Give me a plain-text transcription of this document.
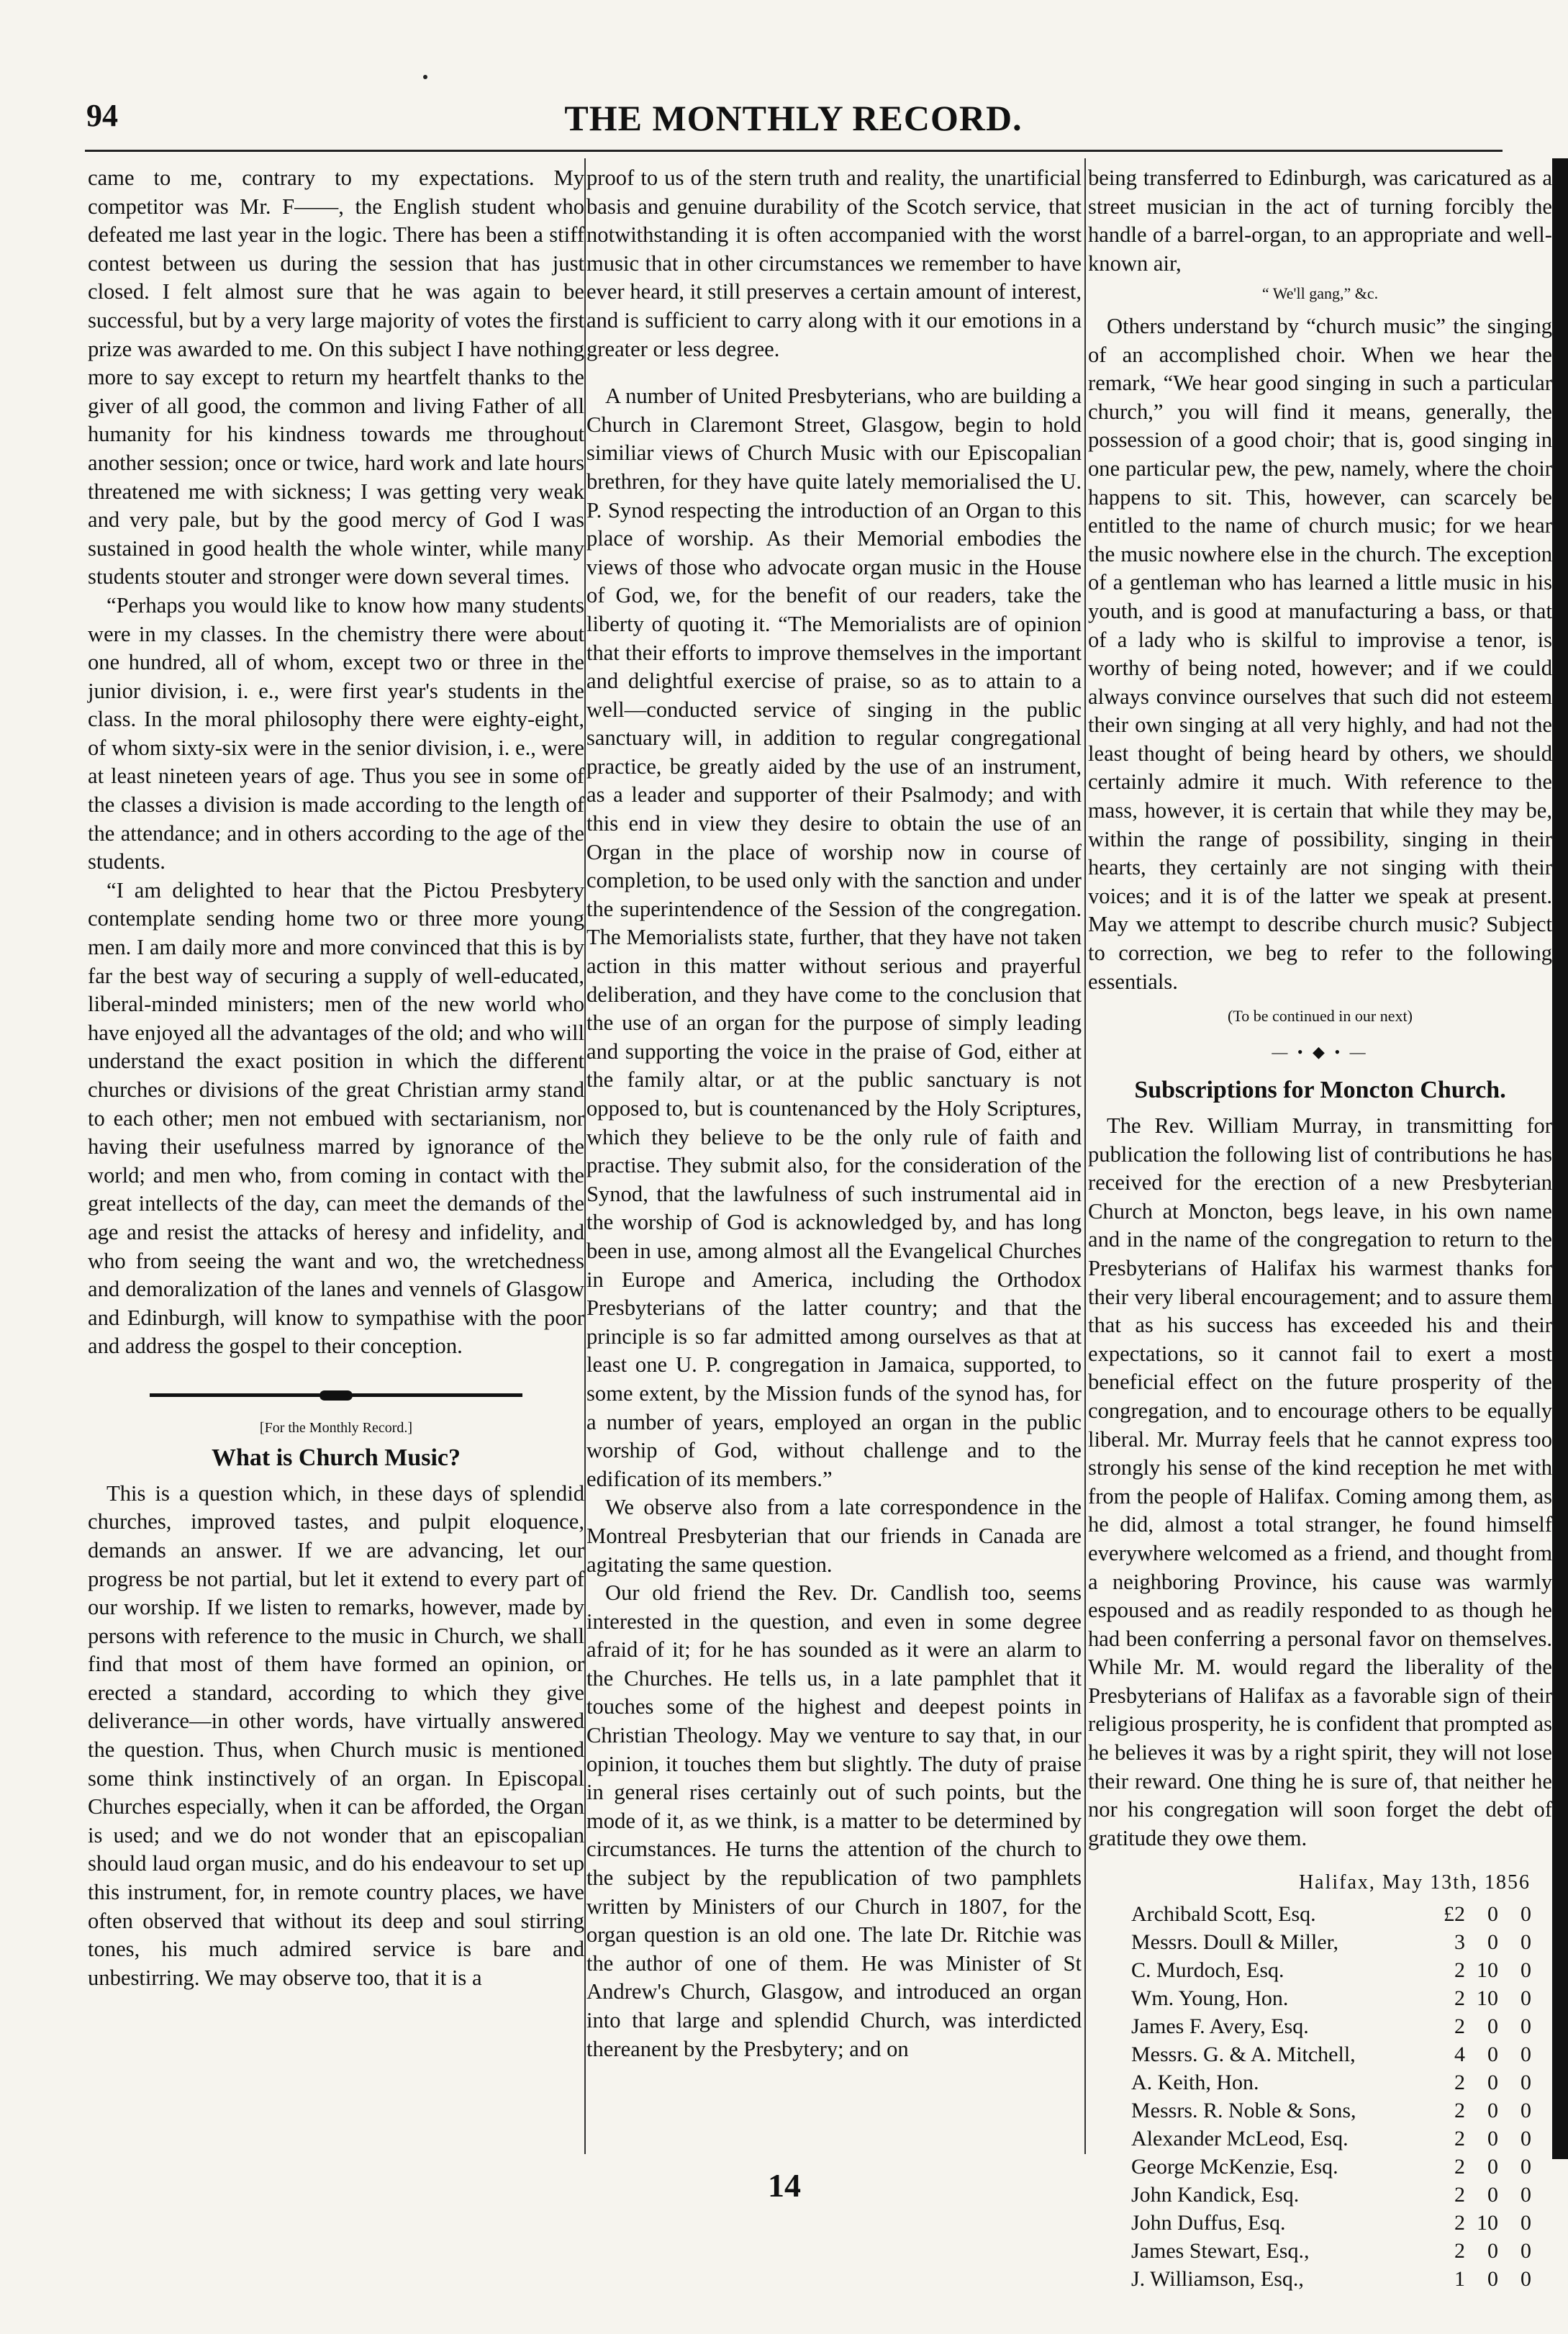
THE MONTHLY RECORD.
94

came to me, contrary to my expectations. My competitor was Mr. F——, the English student who defeated me last year in the logic. There has been a stiff contest between us during the session that has just closed. I felt almost sure that he was again to be successful, but by a very large majority of votes the first prize was awarded to me. On this subject I have nothing more to say except to return my heartfelt thanks to the giver of all good, the common and living Father of all humanity for his kindness towards me throughout another session; once or twice, hard work and late hours threatened me with sickness; I was getting very weak and very pale, but by the good mercy of God I was sustained in good health the whole winter, while many students stouter and stronger were down several times.

“Perhaps you would like to know how many students were in my classes. In the chemistry there were about one hundred, all of whom, except two or three in the junior division, i. e., were first year's students in the class. In the moral philosophy there were eighty-eight, of whom sixty-six were in the senior division, i. e., were at least nineteen years of age. Thus you see in some of the classes a division is made according to the length of the attendance; and in others according to the age of the students.

“I am delighted to hear that the Pictou Presbytery contemplate sending home two or three more young men. I am daily more and more convinced that this is by far the best way of securing a supply of well-educated, liberal-minded ministers; men of the new world who have enjoyed all the advantages of the old; and who will understand the exact position in which the different churches or divisions of the great Christian army stand to each other; men not embued with sectarianism, nor having their usefulness marred by ignorance of the world; and men who, from coming in contact with the great intellects of the day, can meet the demands of the age and resist the attacks of heresy and infidelity, and who from seeing the want and wo, the wretchedness and demoralization of the lanes and vennels of Glasgow and Edinburgh, will know to sympathise with the poor and address the gospel to their conception.

[For the Monthly Record.]
What is Church Music?

This is a question which, in these days of splendid churches, improved tastes, and pulpit eloquence, demands an answer. If we are advancing, let our progress be not partial, but let it extend to every part of our worship. If we listen to remarks, however, made by persons with reference to the music in Church, we shall find that most of them have formed an opinion, or erected a standard, according to which they give deliverance—in other words, have virtually answered the question. Thus, when Church music is mentioned some think instinctively of an organ. In Episcopal Churches especially, when it can be afforded, the Organ is used; and we do not wonder that an episcopalian should laud organ music, and do his endeavour to set up this instrument, for, in remote country places, we have often observed that without its deep and soul stirring tones, his much admired service is bare and unbestirring. We may observe too, that it is a

proof to us of the stern truth and reality, the unartificial basis and genuine durability of the Scotch service, that notwithstanding it is often accompanied with the worst music that in other circumstances we remember to have ever heard, it still preserves a certain amount of interest, and is sufficient to carry along with it our emotions in a greater or less degree.

A number of United Presbyterians, who are building a Church in Claremont Street, Glasgow, begin to hold similiar views of Church Music with our Episcopalian brethren, for they have quite lately memorialised the U. P. Synod respecting the introduction of an Organ to this place of worship. As their Memorial embodies the views of those who advocate organ music in the House of God, we, for the benefit of our readers, take the liberty of quoting it. “The Memorialists are of opinion that their efforts to improve themselves in the important and delightful exercise of praise, so as to attain to a well—conducted service of singing in the public sanctuary will, in addition to regular congregational practice, be greatly aided by the use of an instrument, as a leader and supporter of their Psalmody; and with this end in view they desire to obtain the use of an Organ in the place of worship now in course of completion, to be used only with the sanction and under the superintendence of the Session of the congregation. The Memorialists state, further, that they have not taken action in this matter without serious and prayerful deliberation, and they have come to the conclusion that the use of an organ for the purpose of simply leading and supporting the voice in the praise of God, either at the family altar, or at the public sanctuary is not opposed to, but is countenanced by the Holy Scriptures, which they believe to be the only rule of faith and practise. They submit also, for the consideration of the Synod, that the lawfulness of such instrumental aid in the worship of God is acknowledged by, and has long been in use, among almost all the Evangelical Churches in Europe and America, including the Orthodox Presbyterians of the latter country; and that the principle is so far admitted among ourselves as that at least one U. P. congregation in Jamaica, supported, to some extent, by the Mission funds of the synod has, for a number of years, employed an organ in the public worship of God, without challenge and to the edification of its members.”

We observe also from a late correspondence in the Montreal Presbyterian that our friends in Canada are agitating the same question.

Our old friend the Rev. Dr. Candlish too, seems interested in the question, and even in some degree afraid of it; for he has sounded as it were an alarm to the Churches. He tells us, in a late pamphlet that it touches some of the highest and deepest points in Christian Theology. May we venture to say that, in our opinion, it touches them but slightly. The duty of praise in general rises certainly out of such points, but the mode of it, as we think, is a matter to be determined by circumstances. He turns the attention of the church to the subject by the republication of two pamphlets written by Ministers of our Church in 1807, for the organ question is an old one. The late Dr. Ritchie was the author of one of them. He was Minister of St Andrew's Church, Glasgow, and introduced an organ into that large and splendid Church, was interdicted thereanent by the Presbytery; and on

being transferred to Edinburgh, was caricatured as a street musician in the act of turning forcibly the handle of a barrel-organ, to an appropriate and well-known air,

“ We'll gang,” &c.

Others understand by “church music” the singing of an accomplished choir. When we hear the remark, “We hear good singing in such a particular church,” you will find it means, generally, the possession of a good choir; that is, good singing in one particular pew, the pew, namely, where the choir happens to sit. This, however, can scarcely be entitled to the name of church music; for we hear the music nowhere else in the church. The exception of a gentleman who has learned a little music in his youth, and is good at manufacturing a bass, or that of a lady who is skilful to improvise a tenor, is worthy of being noted, however; and if we could always convince ourselves that such did not esteem their own singing at all very highly, and had not the least thought of being heard by others, we should certainly admire it much. With reference to the mass, however, it is certain that while they may be, within the range of possibility, singing in their hearts, they certainly are not singing with their voices; and it is of the latter we speak at present. May we attempt to describe church music? Subject to correction, we beg to refer to the following essentials.

(To be continued in our next)
— • ◆ • —
Subscriptions for Moncton Church.

The Rev. William Murray, in transmitting for publication the following list of contributions he has received for the erection of a new Presbyterian Church at Moncton, begs leave, in his own name and in the name of the congregation to return to the Presbyterians of Halifax his warmest thanks for their very liberal encouragement; and to assure them that as his success has exceeded his and their expectations, so it cannot fail to exert a most beneficial effect on the future prosperity of the congregation, and to encourage others to be equally liberal. Mr. Murray feels that he cannot express too strongly his sense of the kind reception he met with from the people of Halifax. Coming among them, as he did, almost a total stranger, he found himself everywhere welcomed as a friend, and thought from a neighboring Province, his cause was warmly espoused and as readily responded to as though he had been conferring a personal favor on themselves. While Mr. M. would regard the liberality of the Presbyterians of Halifax as a favorable sign of their religious prosperity, he is confident that prompted as he believes it was by a right spirit, they will not lose their reward. One thing he is sure of, that neither he nor his congregation will soon forget the debt of gratitude they owe them.

Halifax, May 13th, 1856
Archibald Scott, Esq.	£2	0	0
Messrs. Doull & Miller,	3	0	0
C. Murdoch, Esq.	2	10	0
Wm. Young, Hon.	2	10	0
James F. Avery, Esq.	2	0	0
Messrs. G. & A. Mitchell,	4	0	0
A. Keith, Hon.	2	0	0
Messrs. R. Noble & Sons,	2	0	0
Alexander McLeod, Esq.	2	0	0
George McKenzie, Esq.	2	0	0
John Kandick, Esq.	2	0	0
John Duffus, Esq.	2	10	0
James Stewart, Esq.,	2	0	0
J. Williamson, Esq.,	1	0	0
14
